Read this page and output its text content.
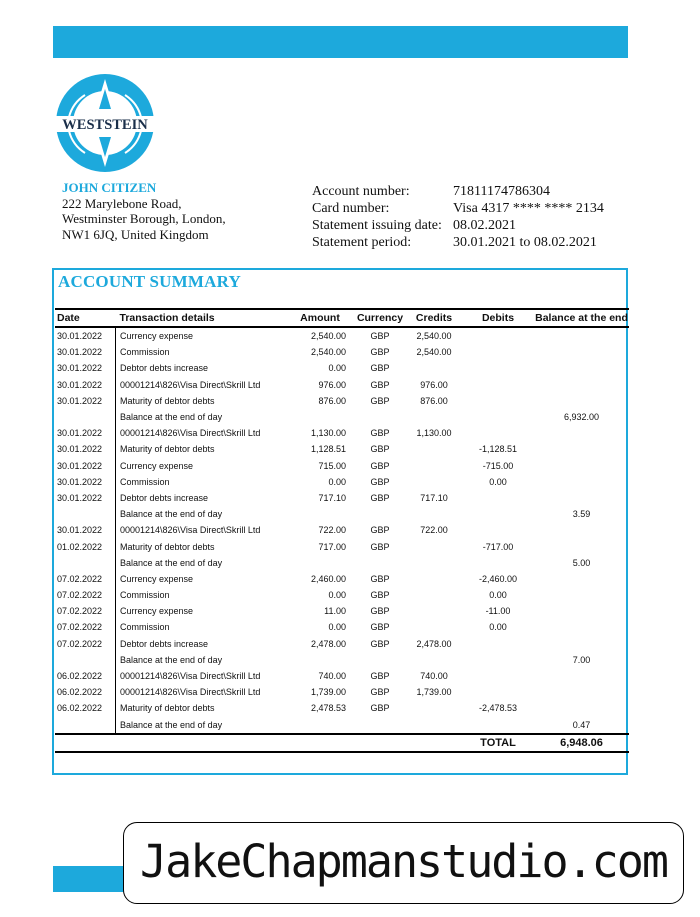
WESTSTEIN
JOHN CITIZEN
222 Marylebone Road,
Westminster Borough, London,
NW1 6JQ, United Kingdom
Account number:	71811174786304
Card number:	Visa 4317 **** **** 2134
Statement issuing date: 08.02.2021
Statement period:	30.01.2021 to 08.02.2021
ACCOUNT SUMMARY
Date	Transaction details	Amount	Currency	Credits	Debits	Balance at the end
30.01.2022	Currency expense	2,540.00	GBP	2,540.00		
30.01.2022	Commission	2,540.00	GBP	2,540.00		
30.01.2022	Debtor debts increase	0.00	GBP			
30.01.2022	00001214\826\Visa Direct\Skrill Ltd	976.00	GBP	976.00		
30.01.2022	Maturity of debtor debts	876.00	GBP	876.00		
	Balance at the end of day					6,932.00
30.01.2022	00001214\826\Visa Direct\Skrill Ltd	1,130.00	GBP	1,130.00		
30.01.2022	Maturity of debtor debts	1,128.51	GBP		-1,128.51	
30.01.2022	Currency expense	715.00	GBP		-715.00	
30.01.2022	Commission	0.00	GBP		0.00	
30.01.2022	Debtor debts increase	717.10	GBP	717.10		
	Balance at the end of day					3.59
30.01.2022	00001214\826\Visa Direct\Skrill Ltd	722.00	GBP	722.00		
01.02.2022	Maturity of debtor debts	717.00	GBP		-717.00	
	Balance at the end of day					5.00
07.02.2022	Currency expense	2,460.00	GBP		-2,460.00	
07.02.2022	Commission	0.00	GBP		0.00	
07.02.2022	Currency expense	11.00	GBP		-11.00	
07.02.2022	Commission	0.00	GBP		0.00	
07.02.2022	Debtor debts increase	2,478.00	GBP	2,478.00		
	Balance at the end of day					7.00
06.02.2022	00001214\826\Visa Direct\Skrill Ltd	740.00	GBP	740.00		
06.02.2022	00001214\826\Visa Direct\Skrill Ltd	1,739.00	GBP	1,739.00		
06.02.2022	Maturity of debtor debts	2,478.53	GBP		-2,478.53	
	Balance at the end of day					0.47
					TOTAL	6,948.06
JakeChapmanstudio.com
